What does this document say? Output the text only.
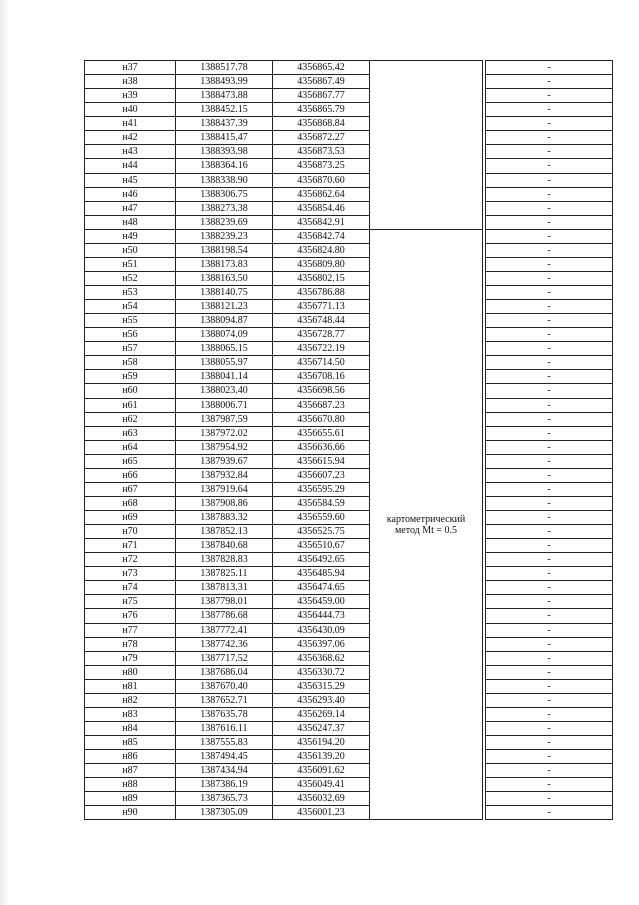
н37	1388517.78	4356865.42			-
н38	1388493.99	4356867.49			-
н39	1388473.88	4356867.77			-
н40	1388452.15	4356865.79			-
н41	1388437.39	4356868.84			-
н42	1388415.47	4356872.27			-
н43	1388393.98	4356873.53			-
н44	1388364.16	4356873.25			-
н45	1388338.90	4356870.60			-
н46	1388306.75	4356862.64			-
н47	1388273.38	4356854.46			-
н48	1388239.69	4356842.91			-
н49	1388239.23	4356842.74	картометрический
метод Mt = 0.5		-
н50	1388198.54	4356824.80			-
н51	1388173.83	4356809.80			-
н52	1388163.50	4356802.15			-
н53	1388140.75	4356786.88			-
н54	1388121.23	4356771.13			-
н55	1388094.87	4356748.44			-
н56	1388074.09	4356728.77			-
н57	1388065.15	4356722.19			-
н58	1388055.97	4356714.50			-
н59	1388041.14	4356708.16			-
н60	1388023.40	4356698.56			-
н61	1388006.71	4356687.23			-
н62	1387987.59	4356670.80			-
н63	1387972.02	4356655.61			-
н64	1387954.92	4356636.66			-
н65	1387939.67	4356615.94			-
н66	1387932.84	4356607.23			-
н67	1387919.64	4356595.29			-
н68	1387908.86	4356584.59			-
н69	1387883.32	4356559.60			-
н70	1387852.13	4356525.75			-
н71	1387840.68	4356510.67			-
н72	1387828.83	4356492.65			-
н73	1387825.11	4356485.94			-
н74	1387813.31	4356474.65			-
н75	1387798.01	4356459.00			-
н76	1387786.68	4356444.73			-
н77	1387772.41	4356430.09			-
н78	1387742.36	4356397.06			-
н79	1387717.52	4356368.62			-
н80	1387686.04	4356330.72			-
н81	1387670.40	4356315.29			-
н82	1387652.71	4356293.40			-
н83	1387635.78	4356269.14			-
н84	1387616.11	4356247.37			-
н85	1387555.83	4356194.20			-
н86	1387494.45	4356139.20			-
н87	1387434.94	4356091.62			-
н88	1387386.19	4356049.41			-
н89	1387365.73	4356032.69			-
н90	1387305.09	4356001.23			-
